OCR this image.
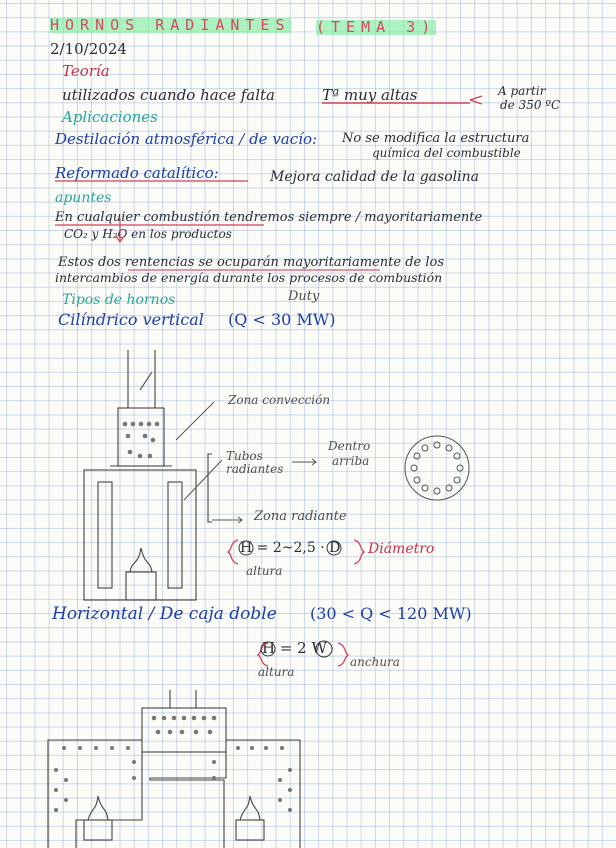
HORNOS RADIANTES (TEMA 3)
2/10/2024
Teoría
utilizados cuando hace falta	Tª muy altas	A partir
de 350 ºC
Aplicaciones
Destilación atmosférica / de vacío: No se modifica la estructura
química del combustible
Reformado catalítico:	Mejora calidad de la gasolina
apuntes
En cualquier combustión tendremos siempre / mayoritariamente
CO₂ y H₂O en los productos
Estos dos rentencias se ocuparán mayoritariamente de los
intercambios de energía durante los procesos de combustión
Tipos de hornos	Duty
Cilíndrico vertical (Q < 30 MW)
Zona convección
Tubos
radiantes
Dentro
arriba
Zona radiante
H = 2~2,5 · D Diámetro
altura
Horizontal / De caja doble (30 < Q < 120 MW)
H = 2 W
anchura
altura
